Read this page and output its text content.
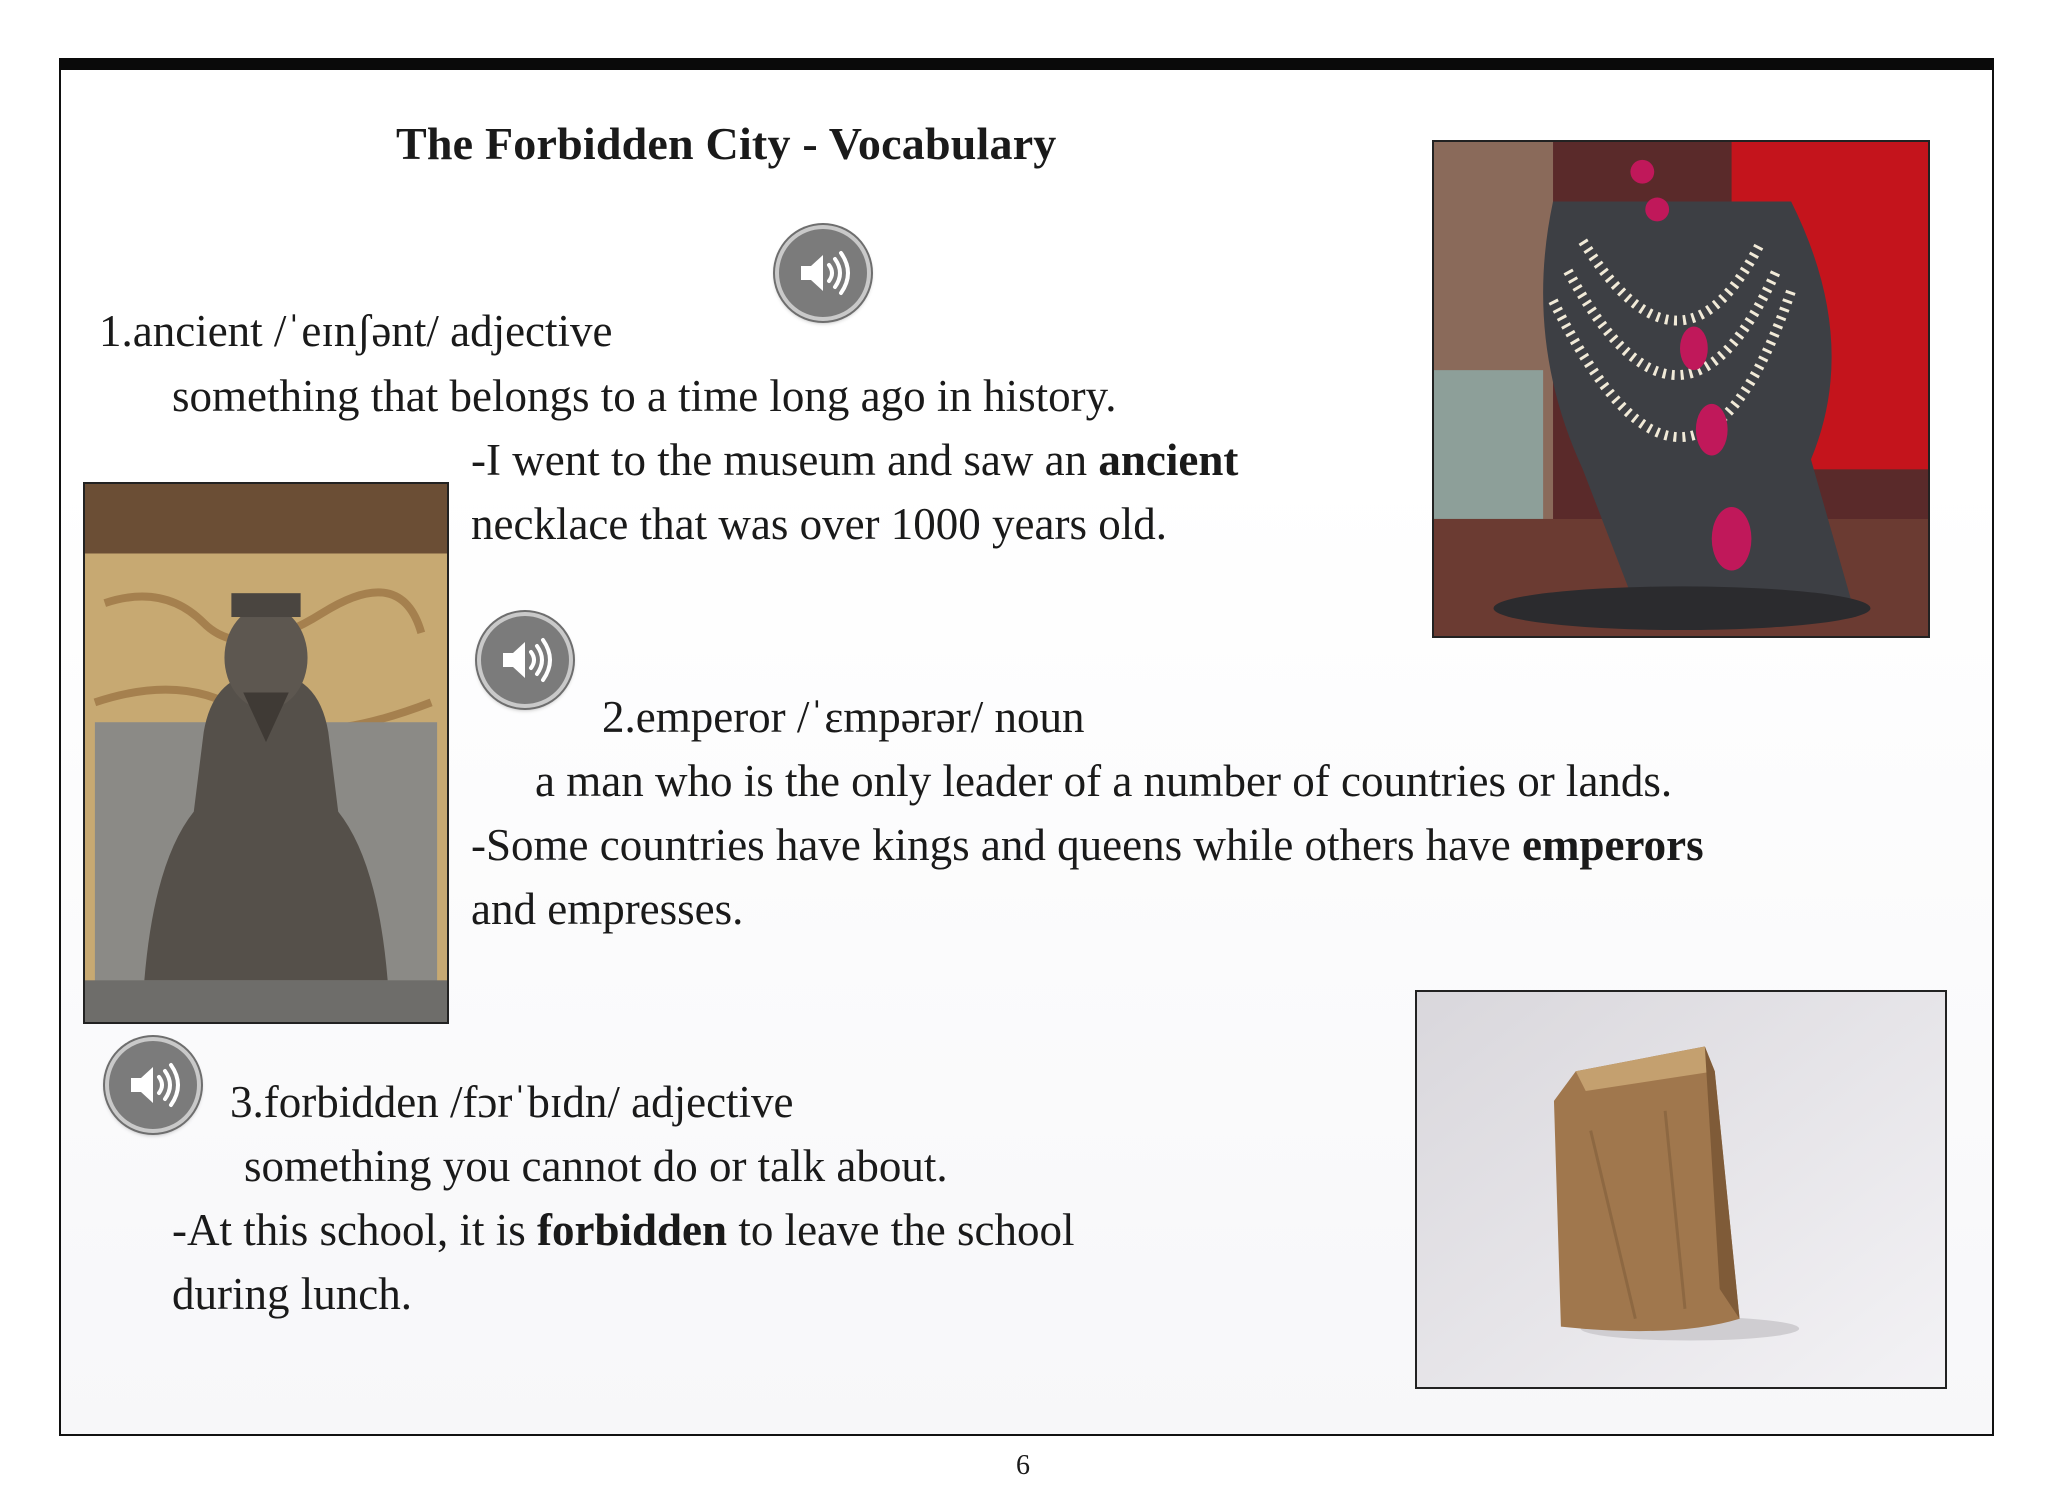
The Forbidden City - Vocabulary
1.ancient /ˈeɪnʃənt/ adjective
something that belongs to a time long ago in history.
-I went to the museum and saw an ancient
necklace that was over 1000 years old.
2.emperor /ˈɛmpərər/ noun
a man who is the only leader of a number of countries or lands.
-Some countries have kings and queens while others have emperors
and empresses.
3.forbidden /fɔrˈbɪdn/ adjective
something you cannot do or talk about.
-At this school, it is forbidden to leave the school
during lunch.
6
